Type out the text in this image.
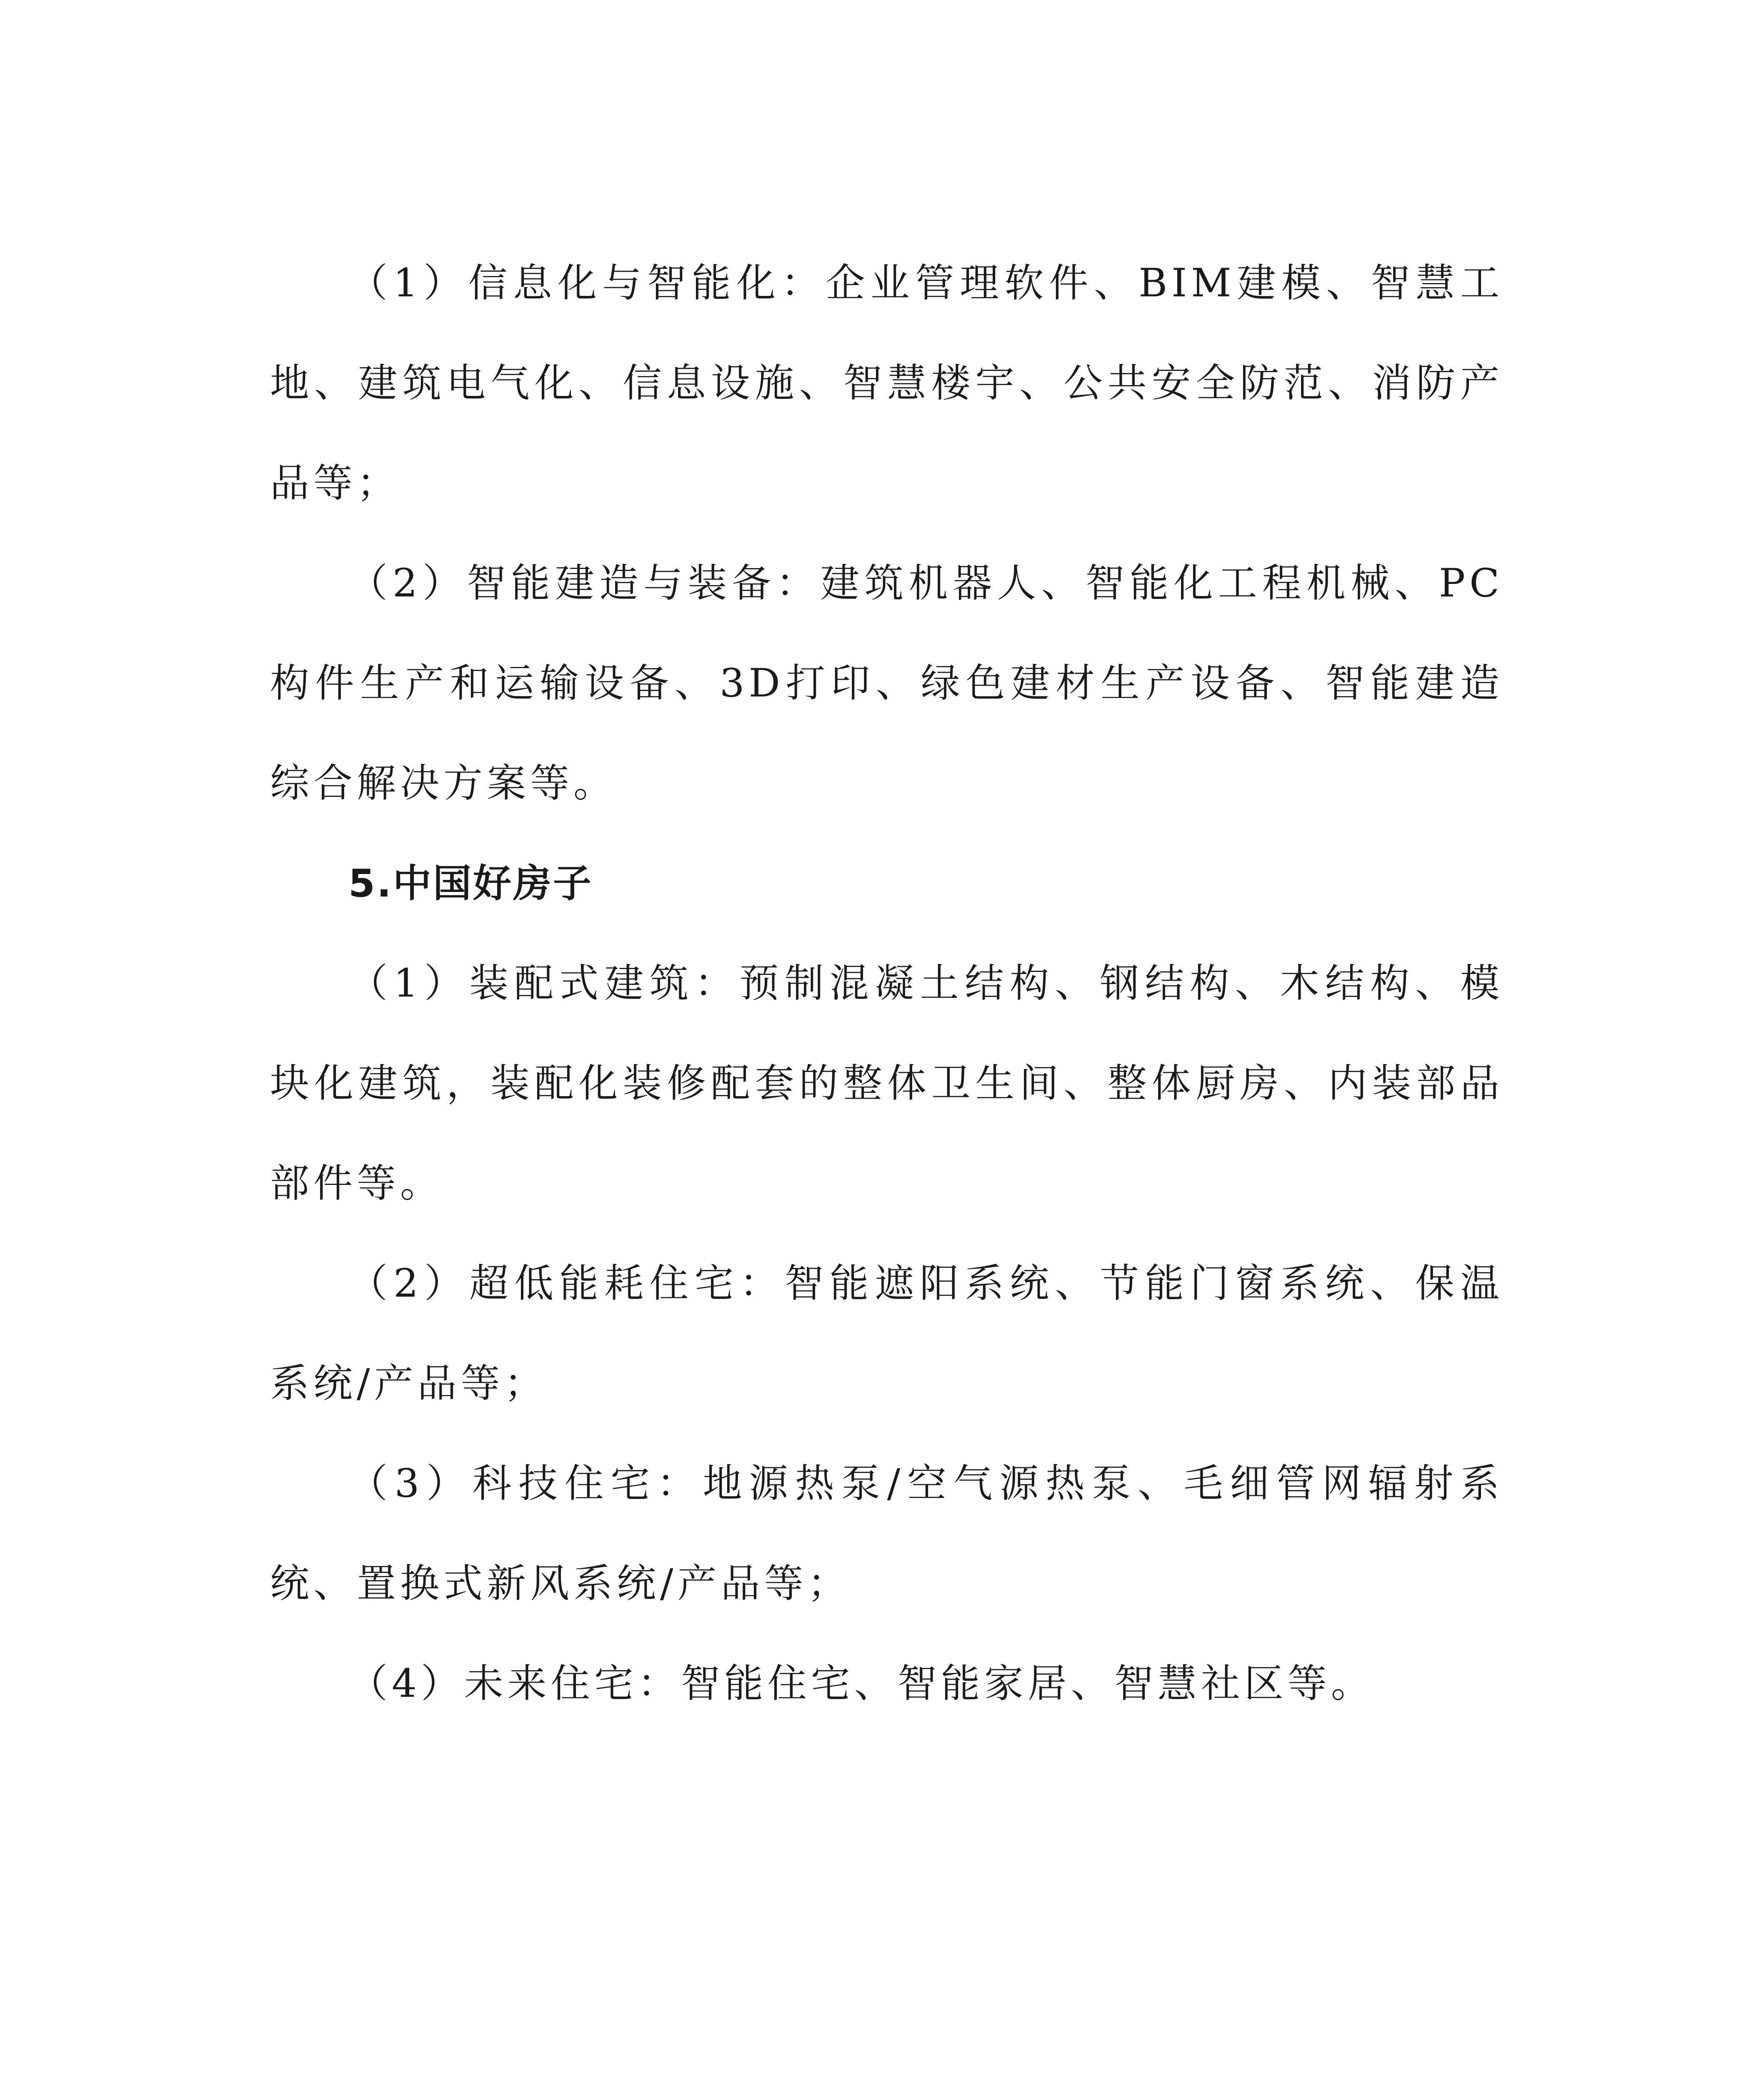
（1）信息化与智能化：企业管理软件、BIM建模、智慧工地、建筑电气化、信息设施、智慧楼宇、公共安全防范、消防产品等；

（2）智能建造与装备：建筑机器人、智能化工程机械、PC构件生产和运输设备、3D打印、绿色建材生产设备、智能建造综合解决方案等。

5.中国好房子

（1）装配式建筑：预制混凝土结构、钢结构、木结构、模块化建筑，装配化装修配套的整体卫生间、整体厨房、内装部品部件等。

（2）超低能耗住宅：智能遮阳系统、节能门窗系统、保温系统/产品等；

（3）科技住宅：地源热泵/空气源热泵、毛细管网辐射系统、置换式新风系统/产品等；

（4）未来住宅：智能住宅、智能家居、智慧社区等。
